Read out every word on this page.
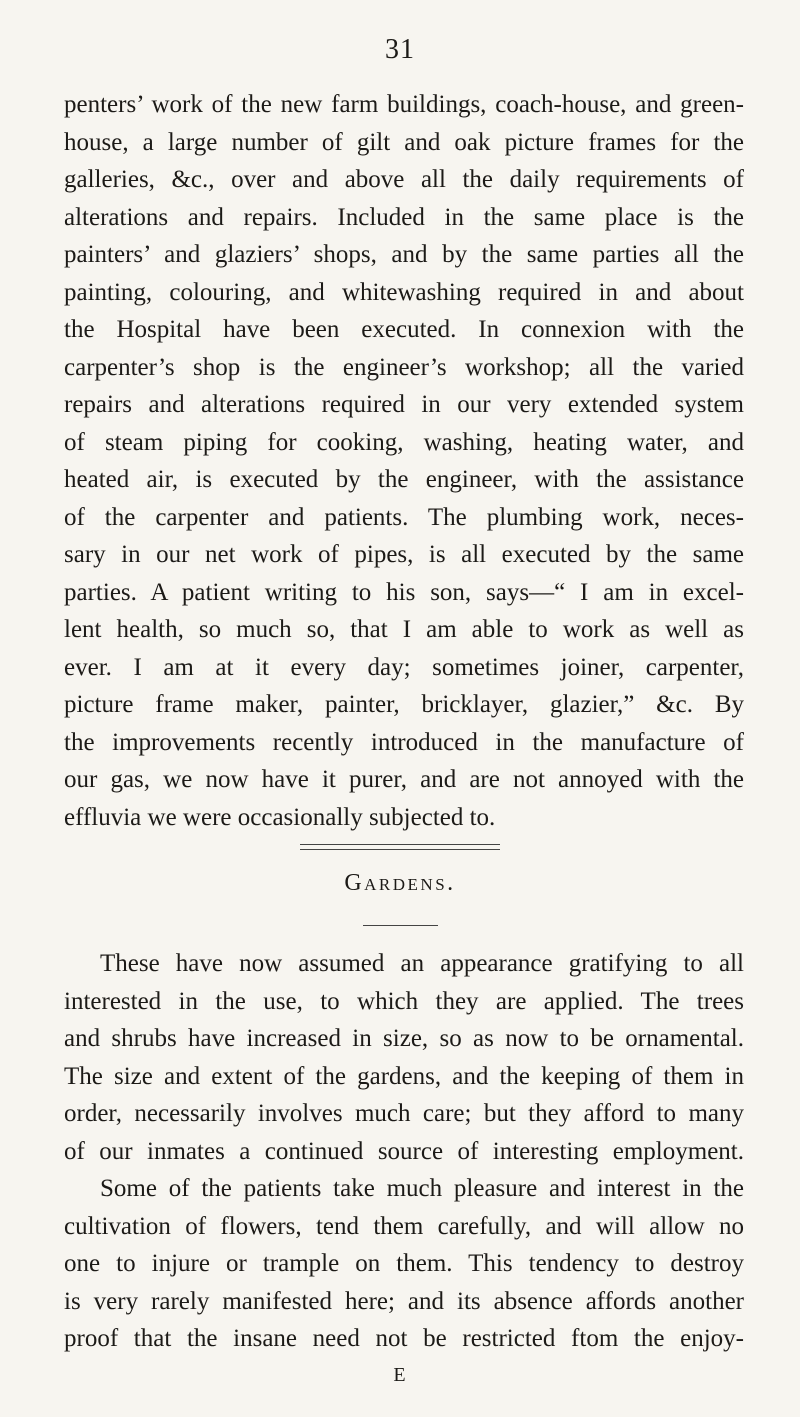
31
penters’ work of the new farm buildings, coach-house, and green-
house, a large number of gilt and oak picture frames for the
galleries, &c., over and above all the daily requirements of
alterations and repairs. Included in the same place is the
painters’ and glaziers’ shops, and by the same parties all the
painting, colouring, and whitewashing required in and about
the Hospital have been executed. In connexion with the
carpenter’s shop is the engineer’s workshop; all the varied
repairs and alterations required in our very extended system
of steam piping for cooking, washing, heating water, and
heated air, is executed by the engineer, with the assistance
of the carpenter and patients. The plumbing work, neces-
sary in our net work of pipes, is all executed by the same
parties. A patient writing to his son, says—“ I am in excel-
lent health, so much so, that I am able to work as well as
ever. I am at it every day; sometimes joiner, carpenter,
picture frame maker, painter, bricklayer, glazier,” &c. By
the improvements recently introduced in the manufacture of
our gas, we now have it purer, and are not annoyed with the
effluvia we were occasionally subjected to.
Gardens.
These have now assumed an appearance gratifying to all
interested in the use, to which they are applied. The trees
and shrubs have increased in size, so as now to be ornamental.
The size and extent of the gardens, and the keeping of them in
order, necessarily involves much care; but they afford to many
of our inmates a continued source of interesting employment.
Some of the patients take much pleasure and interest in the
cultivation of flowers, tend them carefully, and will allow no
one to injure or trample on them. This tendency to destroy
is very rarely manifested here; and its absence affords another
proof that the insane need not be restricted ftom the enjoy-
E
